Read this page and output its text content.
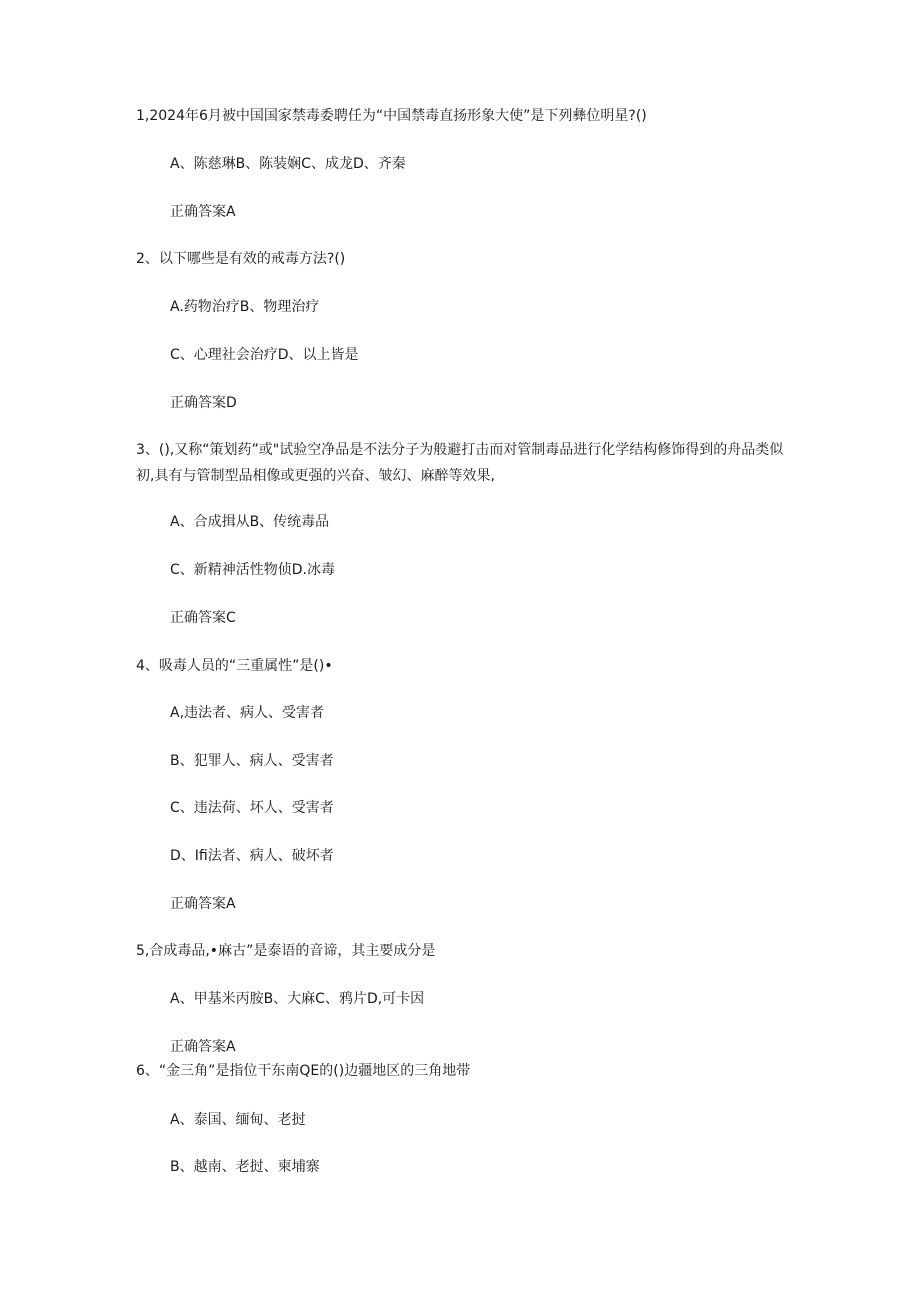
1,2024年6月被中国国家禁毒委聘任为“中国禁毒直扬形象大使”是下列彝位明星?()
A、陈慈琳B、陈装娴C、成龙D、齐秦
正确答案A
2、以下哪些是有效的戒毒方法?()
A.药物治疗B、物理治疗
C、心理社会治疗D、以上皆是
正确答案D
3、(),又称“策划药”或"试验空净品是不法分子为般避打击而对管制毒品进行化学结构修饰得到的舟品类似初,具有与管制型品相像或更强的兴奋、皱幻、麻醉等效果,
A、合成揖从B、传统毒品
C、新精神活性物侦D.冰毒
正确答案C
4、吸毒人员的“三重属性”是()•
A,违法者、病人、受害者
B、犯罪人、病人、受害者
C、违法荷、坏人、受害者
D、Ifi法者、病人、破坏者
正确答案A
5,合成毒品,•麻古”是泰语的音谛，其主要成分是
A、甲基米丙胺B、大麻C、鸦片D,可卡因
正确答案A
6、“金三角”是指位干东南QE的()边疆地区的三角地带
A、泰国、缅甸、老挝
B、越南、老挝、柬埔寨
